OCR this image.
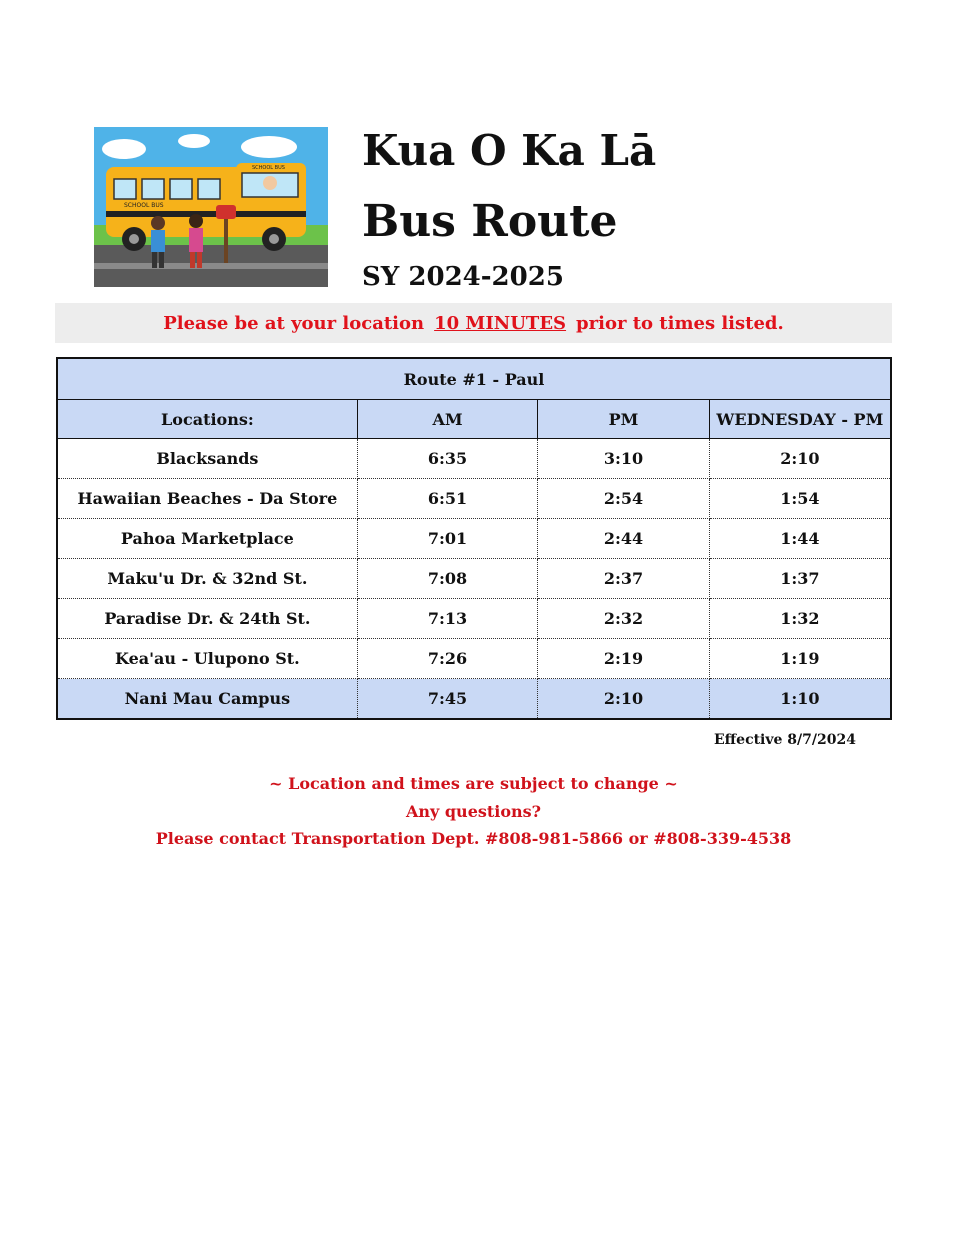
SCHOOL BUS
SCHOOL BUS Kua O Ka Lā
Bus Route
SY 2024-2025
Please be at your location 10 MINUTES prior to times listed.
Route #1 - Paul			
Locations:	AM	PM	WEDNESDAY - PM
Blacksands	6:35	3:10	2:10
Hawaiian Beaches - Da Store	6:51	2:54	1:54
Pahoa Marketplace	7:01	2:44	1:44
Maku'u Dr. & 32nd St.	7:08	2:37	1:37
Paradise Dr. & 24th St.	7:13	2:32	1:32
Kea'au - Ulupono St.	7:26	2:19	1:19
Nani Mau Campus	7:45	2:10	1:10
Effective 8/7/2024
~ Location and times are subject to change ~
Any questions?
Please contact Transportation Dept. #808-981-5866 or #808-339-4538
